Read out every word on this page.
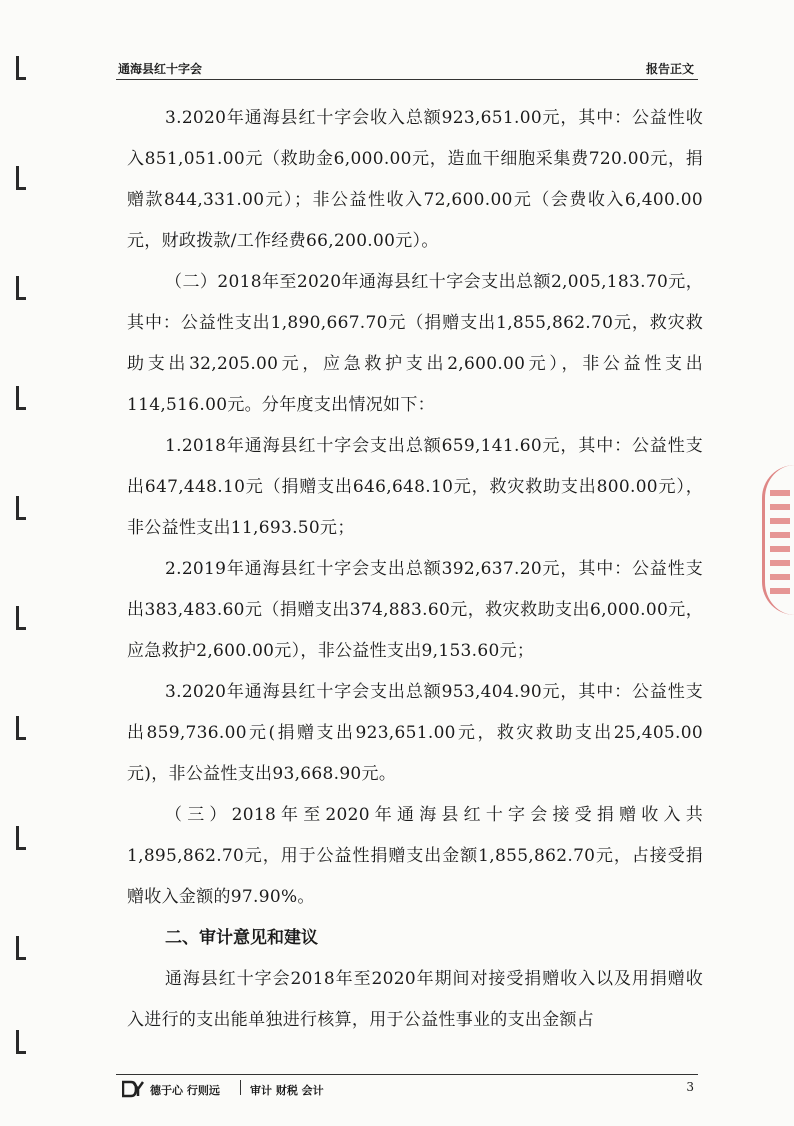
通海县红十字会	报告正文

3.2020年通海县红十字会收入总额923,651.00元，其中：公益性收入851,051.00元（救助金6,000.00元，造血干细胞采集费720.00元，捐赠款844,331.00元）；非公益性收入72,600.00元（会费收入6,400.00元，财政拨款/工作经费66,200.00元）。

（二）2018年至2020年通海县红十字会支出总额2,005,183.70元，其中：公益性支出1,890,667.70元（捐赠支出1,855,862.70元，救灾救助支出32,205.00元，应急救护支出2,600.00元），非公益性支出114,516.00元。分年度支出情况如下：

1.2018年通海县红十字会支出总额659,141.60元，其中：公益性支出647,448.10元（捐赠支出646,648.10元，救灾救助支出800.00元），非公益性支出11,693.50元；

2.2019年通海县红十字会支出总额392,637.20元，其中：公益性支出383,483.60元（捐赠支出374,883.60元，救灾救助支出6,000.00元，应急救护2,600.00元），非公益性支出9,153.60元；

3.2020年通海县红十字会支出总额953,404.90元，其中：公益性支出859,736.00元(捐赠支出923,651.00元，救灾救助支出25,405.00元)，非公益性支出93,668.90元。

（三）2018年至2020年通海县红十字会接受捐赠收入共1,895,862.70元，用于公益性捐赠支出金额1,855,862.70元，占接受捐赠收入金额的97.90%。

二、审计意见和建议

通海县红十字会2018年至2020年期间对接受捐赠收入以及用捐赠收入进行的支出能单独进行核算，用于公益性事业的支出金额占

德于心 行则远	审计 财税 会计	3
